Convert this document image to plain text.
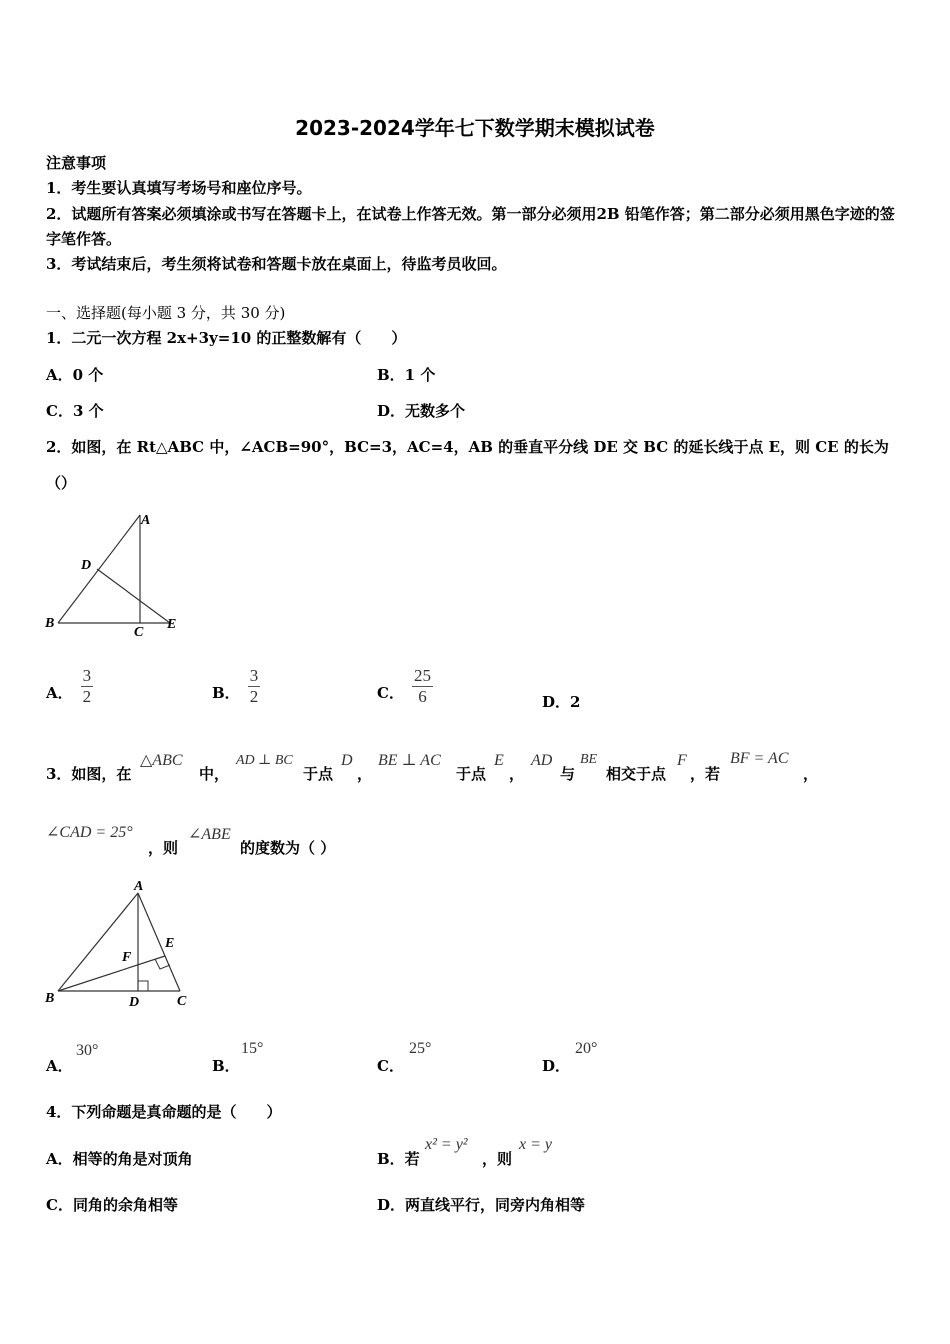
2023-2024学年七下数学期末模拟试卷
注意事项
1．考生要认真填写考场号和座位序号。
2．试题所有答案必须填涂或书写在答题卡上，在试卷上作答无效。第一部分必须用2B 铅笔作答；第二部分必须用黑色字迹的签字笔作答。
3．考试结束后，考生须将试卷和答题卡放在桌面上，待监考员收回。
一、选择题(每小题 3 分，共 30 分)
1．二元一次方程 2x+3y=10 的正整数解有（　　）
A．0 个	B．1 个
C．3 个	D．无数多个
2．如图，在 Rt△ABC 中，∠ACB=90°，BC=3，AC=4，AB 的垂直平分线 DE 交 BC 的延长线于点 E，则 CE 的长为
（）
A
B
C
D
E
A． $\frac{3}{2}$	B． $\frac{3}{2}$	C． $\frac{25}{6}$	D．2
3．如图，在
△ABC
中，
AD ⊥ BC
于点
D
，
BE ⊥ AC
于点
E
，
AD
与
BE
相交于点
F
，若
BF = AC
，
∠CAD = 25°
，则
∠ABE
的度数为（ ）
A
B	C
D
E
F
A．
30°
B．
15°
C．
25°
D．
20°
4．下列命题是真命题的是（　　）
A．相等的角是对顶角	B．若
x² = y²
，则
x = y
C．同角的余角相等	D．两直线平行，同旁内角相等
